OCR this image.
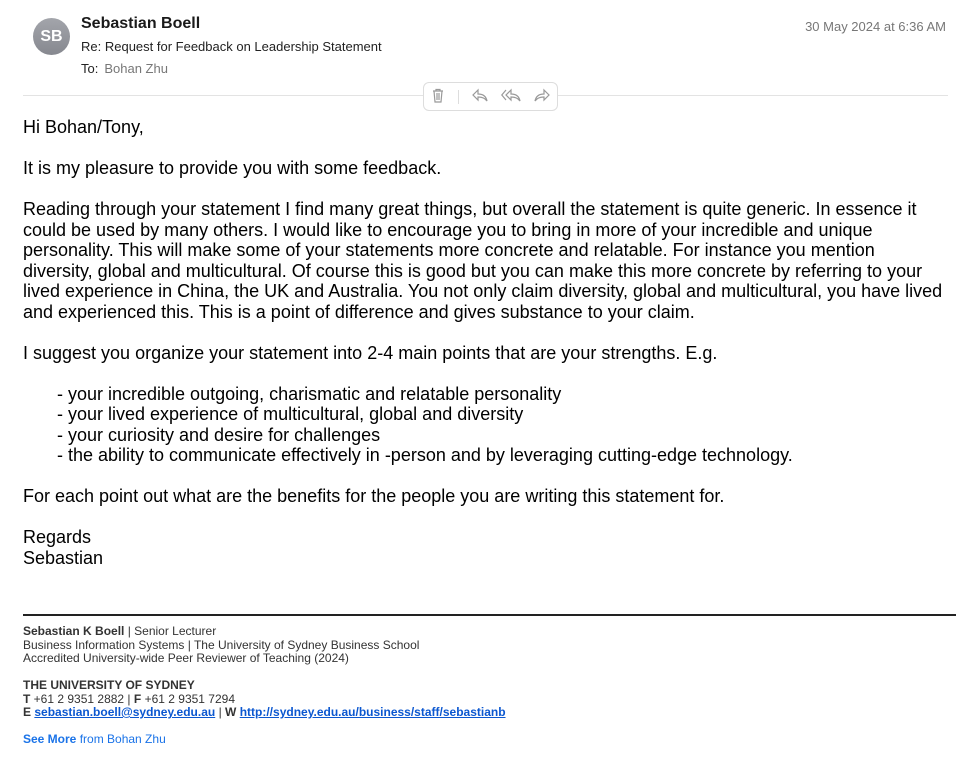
SB
Sebastian Boell
Re: Request for Feedback on Leadership Statement
To: Bohan Zhu
30 May 2024 at 6:36 AM

Hi Bohan/Tony,

It is my pleasure to provide you with some feedback.

Reading through your statement I find many great things, but overall the statement is quite generic. In essence it
could be used by many others. I would like to encourage you to bring in more of your incredible and unique
personality. This will make some of your statements more concrete and relatable. For instance you mention
diversity, global and multicultural. Of course this is good but you can make this more concrete by referring to your
lived experience in China, the UK and Australia. You not only claim diversity, global and multicultural, you have lived
and experienced this. This is a point of difference and gives substance to your claim.

I suggest you organize your statement into 2-4 main points that are your strengths. E.g.

- your incredible outgoing, charismatic and relatable personality
- your lived experience of multicultural, global and diversity
- your curiosity and desire for challenges
- the ability to communicate effectively in -person and by leveraging cutting-edge technology.

For each point out what are the benefits for the people you are writing this statement for.

Regards
Sebastian

Sebastian K Boell | Senior Lecturer
Business Information Systems | The University of Sydney Business School
Accredited University-wide Peer Reviewer of Teaching (2024)

THE UNIVERSITY OF SYDNEY
T +61 2 9351 2882 | F +61 2 9351 7294
E sebastian.boell@sydney.edu.au | W http://sydney.edu.au/business/staff/sebastianb

See More from Bohan Zhu
